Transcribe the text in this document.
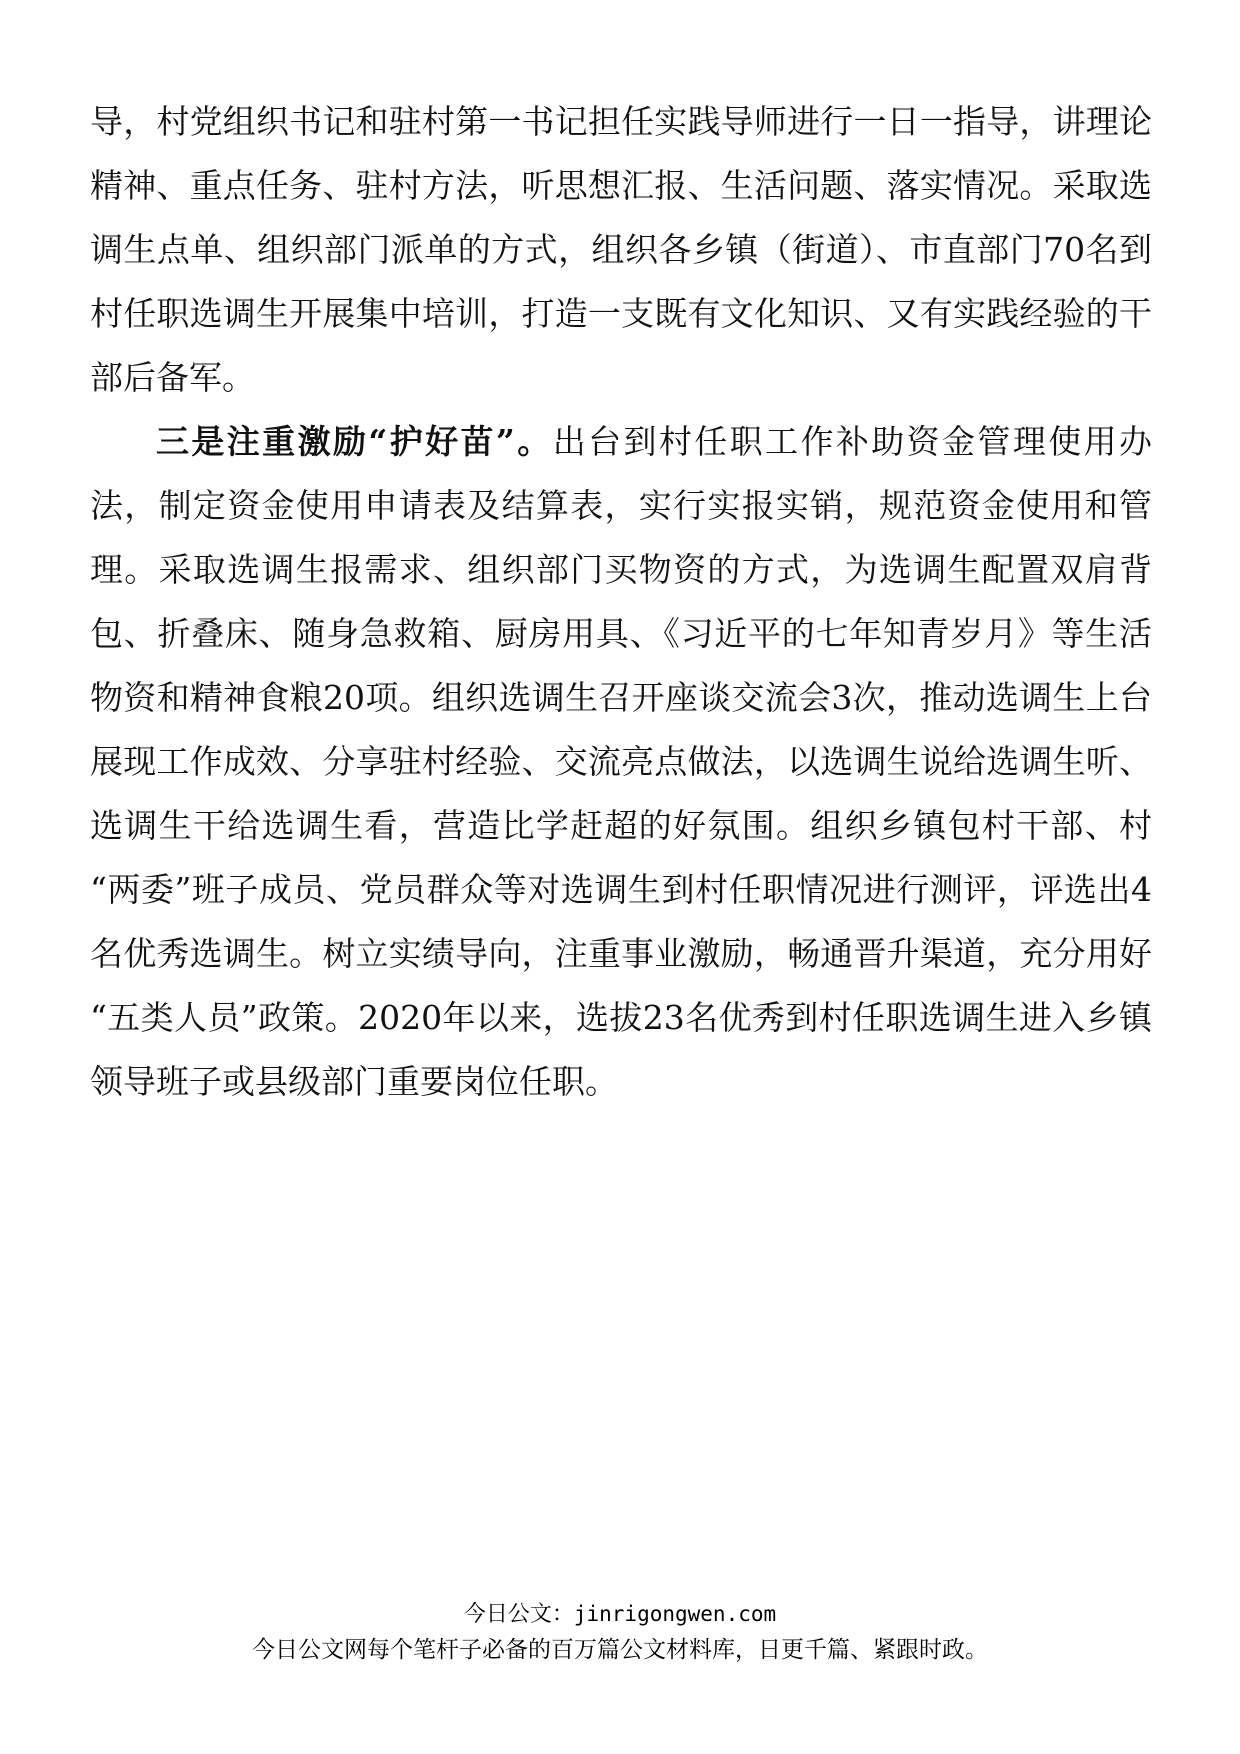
导，村党组织书记和驻村第一书记担任实践导师进行一日一指导，讲理论
精神、重点任务、驻村方法，听思想汇报、生活问题、落实情况。采取选
调生点单、组织部门派单的方式，组织各乡镇（街道）、市直部门70名到
村任职选调生开展集中培训，打造一支既有文化知识、又有实践经验的干
部后备军。
三是注重激励“护好苗”。出台到村任职工作补助资金管理使用办
法，制定资金使用申请表及结算表，实行实报实销，规范资金使用和管
理。采取选调生报需求、组织部门买物资的方式，为选调生配置双肩背
包、折叠床、随身急救箱、厨房用具、《习近平的七年知青岁月》等生活
物资和精神食粮20项。组织选调生召开座谈交流会3次，推动选调生上台
展现工作成效、分享驻村经验、交流亮点做法，以选调生说给选调生听、
选调生干给选调生看，营造比学赶超的好氛围。组织乡镇包村干部、村
“两委”班子成员、党员群众等对选调生到村任职情况进行测评，评选出4
名优秀选调生。树立实绩导向，注重事业激励，畅通晋升渠道，充分用好
“五类人员”政策。2020年以来，选拔23名优秀到村任职选调生进入乡镇
领导班子或县级部门重要岗位任职。
今日公文：jinrigongwen.com
今日公文网每个笔杆子必备的百万篇公文材料库，日更千篇、紧跟时政。
